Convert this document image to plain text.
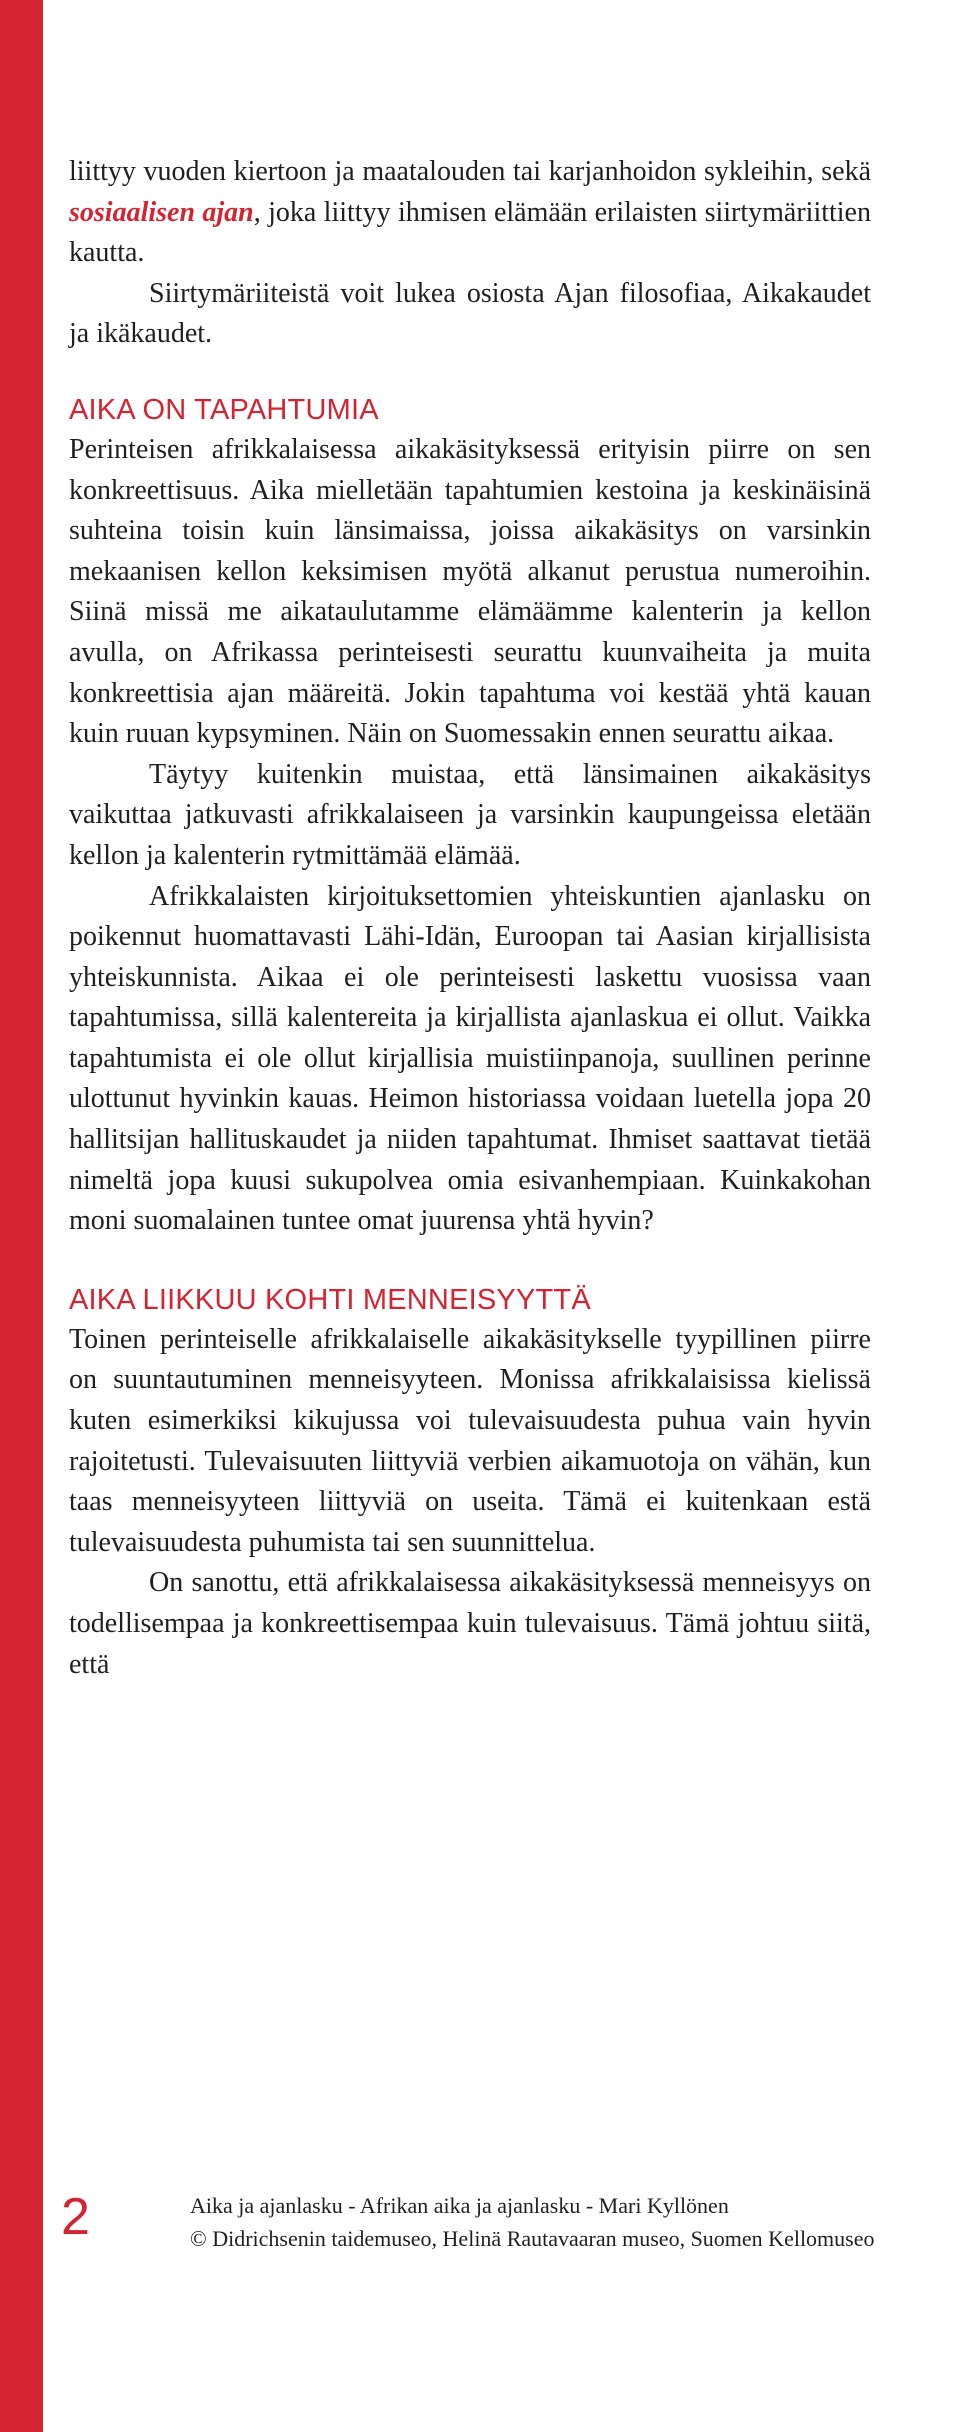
liittyy vuoden kiertoon ja maatalouden tai karjanhoidon sykleihin, sekä sosiaalisen ajan, joka liittyy ihmisen elämään erilaisten siirtymäriittien kautta.

Siirtymäriiteistä voit lukea osiosta Ajan filosofiaa, Aikakaudet ja ikäkaudet.

AIKA ON TAPAHTUMIA

Perinteisen afrikkalaisessa aikakäsityksessä erityisin piirre on sen konkreettisuus. Aika mielletään tapahtumien kestoina ja keskinäisinä suhteina toisin kuin länsimaissa, joissa aikakäsitys on varsinkin mekaanisen kellon keksimisen myötä alkanut perustua numeroihin. Siinä missä me aikataulutamme elämäämme kalenterin ja kellon avulla, on Afrikassa perinteisesti seurattu kuunvaiheita ja muita konkreettisia ajan määreitä. Jokin tapahtuma voi kestää yhtä kauan kuin ruuan kypsyminen. Näin on Suomessakin ennen seurattu aikaa.

Täytyy kuitenkin muistaa, että länsimainen aikakäsitys vaikuttaa jatkuvasti afrikkalaiseen ja varsinkin kaupungeissa eletään kellon ja kalenterin rytmittämää elämää.

Afrikkalaisten kirjoituksettomien yhteiskuntien ajanlasku on poikennut huomattavasti Lähi-Idän, Euroopan tai Aasian kirjallisista yhteiskunnista. Aikaa ei ole perinteisesti laskettu vuosissa vaan tapahtumissa, sillä kalentereita ja kirjallista ajanlaskua ei ollut. Vaikka tapahtumista ei ole ollut kirjallisia muistiinpanoja, suullinen perinne ulottunut hyvinkin kauas. Heimon historiassa voidaan luetella jopa 20 hallitsijan hallituskaudet ja niiden tapahtumat. Ihmiset saattavat tietää nimeltä jopa kuusi sukupolvea omia esivanhempiaan. Kuinkakohan moni suomalainen tuntee omat juurensa yhtä hyvin?

AIKA LIIKKUU KOHTI MENNEISYYTTÄ

Toinen perinteiselle afrikkalaiselle aikakäsitykselle tyypillinen piirre on suuntautuminen menneisyyteen. Monissa afrikkalaisissa kielissä kuten esimerkiksi kikujussa voi tulevaisuudesta puhua vain hyvin rajoitetusti. Tulevaisuuten liittyviä verbien aikamuotoja on vähän, kun taas menneisyyteen liittyviä on useita. Tämä ei kuitenkaan estä tulevaisuudesta puhumista tai sen suunnittelua.

On sanottu, että afrikkalaisessa aikakäsityksessä menneisyys on todellisempaa ja konkreettisempaa kuin tulevaisuus. Tämä johtuu siitä, että

2	Aika ja ajanlasku - Afrikan aika ja ajanlasku - Mari Kyllönen
© Didrichsenin taidemuseo, Helinä Rautavaaran museo, Suomen Kellomuseo
